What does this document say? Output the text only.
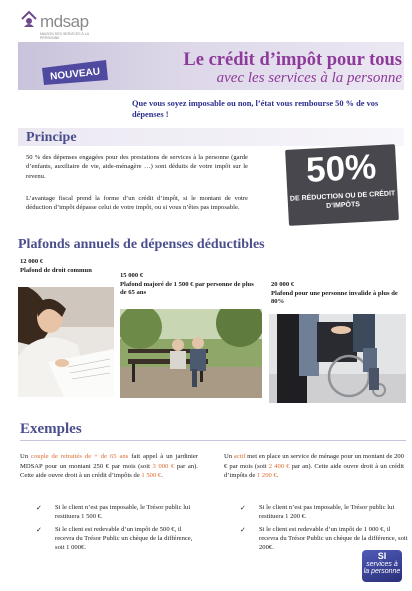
mdsap
MAISON DES SERVICES À LA PERSONNE
NOUVEAU
Le crédit d’impôt pour tous
avec les services à la personne
Que vous soyez imposable ou non, l’état vous rembourse 50 % de vos dépenses !
Principe
50 % des dépenses engagées pour des prestations de services à la personne (garde d’enfants, auxiliaire de vie, aide-ménagère …) sont déduits de votre impôt sur le revenu.
L’avantage fiscal prend la forme d’un crédit d’impôt, si le montant de votre déduction d’impôt dépasse celui de votre impôt, ou si vous n’êtes pas imposable.
50%
DE RÉDUCTION OU DE CRÉDIT D’IMPÔTS
Plafonds annuels de dépenses déductibles
12 000 €
Plafond de droit commun
15 000 €
Plafond majoré de 1 500 € par personne de plus de 65 ans
20 000 €
Plafond pour une personne invalide à plus de 80%
Exemples
Un couple de retraités de + de 65 ans fait appel à un jardinier MDSAP pour un montant 250 € par mois (soit 3 000 € par an). Cette aide ouvre droit à un crédit d’impôts de 1 500 €.
Un actif met en place un service de ménage pour un montant de 200 € par mois (soit 2 400 € par an). Cette aide ouvre droit à un crédit d’impôts de 1 200 €.
✓ Si le client n’est pas imposable, le Trésor public lui restituera 1 500 €.
✓ Si le client est redevable d’un impôt de 500 €, il recevra du Trésor Public un chèque de la différence, soit 1 000€.
✓ Si le client n’est pas imposable, le Trésor public lui restituera 1 200 €.
✓ Si le client est redevable d’un impôt de 1 000 €, il recevra du Trésor Public un chèque de la différence, soit 200€.
SI
services à
la personne
